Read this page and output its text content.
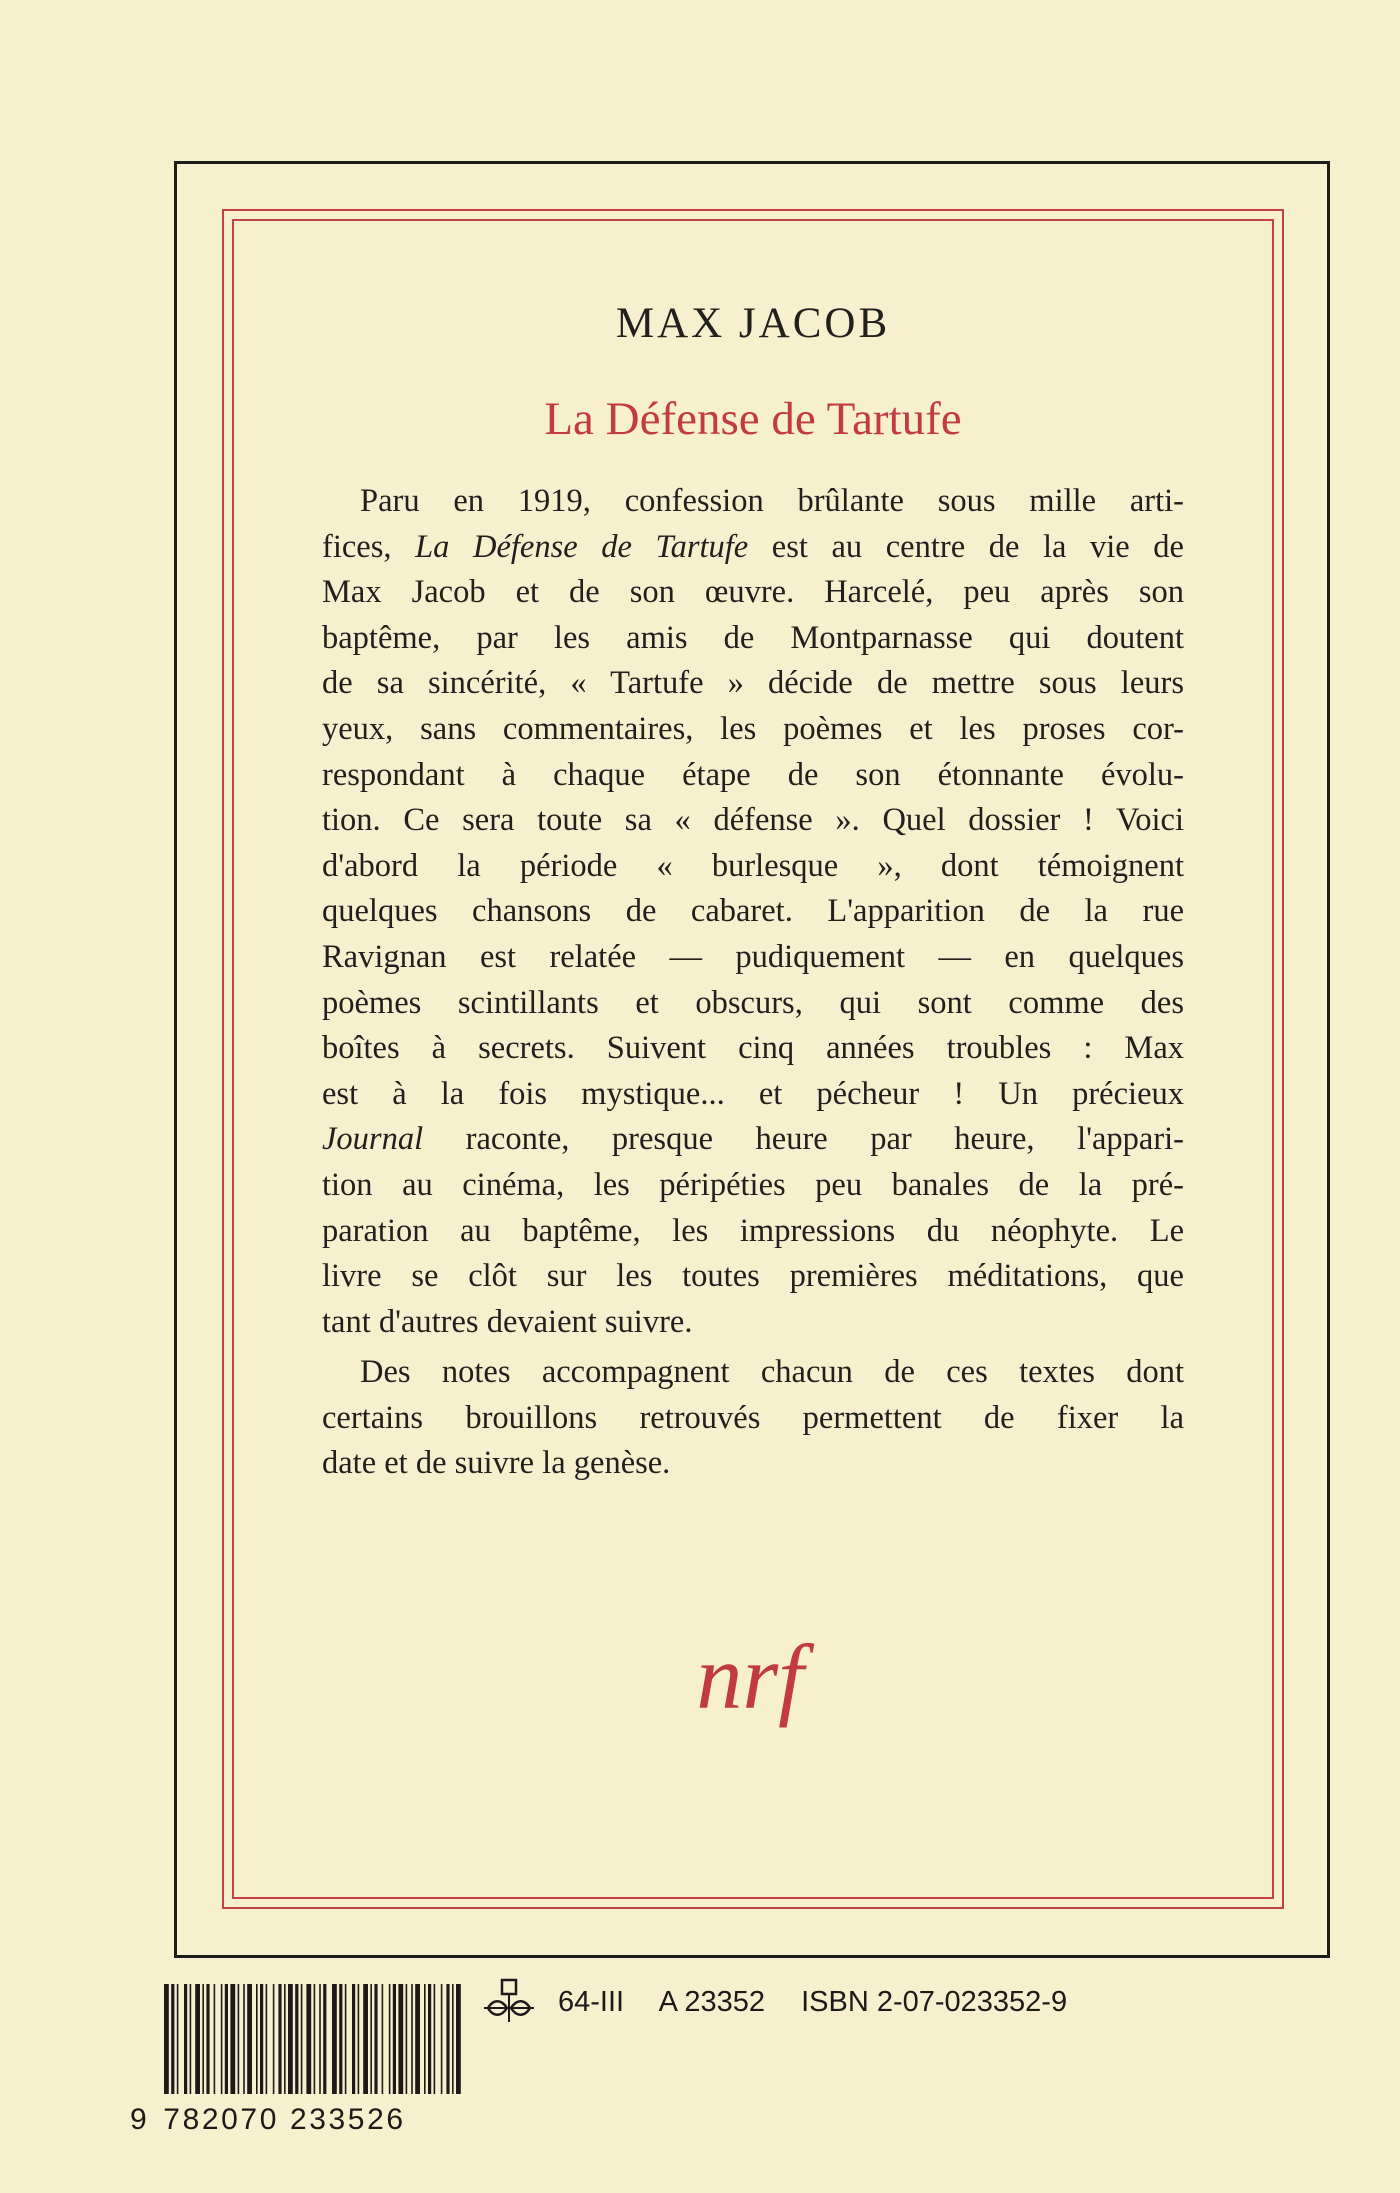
MAX JACOB
La Défense de Tartufe

Paru en 1919, confession brûlante sous mille arti-
fices, La Défense de Tartufe est au centre de la vie de
Max Jacob et de son œuvre. Harcelé, peu après son
baptême, par les amis de Montparnasse qui doutent
de sa sincérité, « Tartufe » décide de mettre sous leurs
yeux, sans commentaires, les poèmes et les proses cor-
respondant à chaque étape de son étonnante évolu-
tion. Ce sera toute sa « défense ». Quel dossier ! Voici
d'abord la période « burlesque », dont témoignent
quelques chansons de cabaret. L'apparition de la rue
Ravignan est relatée — pudiquement — en quelques
poèmes scintillants et obscurs, qui sont comme des
boîtes à secrets. Suivent cinq années troubles : Max
est à la fois mystique... et pécheur ! Un précieux
Journal raconte, presque heure par heure, l'appari-
tion au cinéma, les péripéties peu banales de la pré-
paration au baptême, les impressions du néophyte. Le
livre se clôt sur les toutes premières méditations, que
tant d'autres devaient suivre.

Des notes accompagnent chacun de ces textes dont
certains brouillons retrouvés permettent de fixer la
date et de suivre la genèse.

nrf
9 782070 233526
64-III A 23352 ISBN 2-07-023352-9
